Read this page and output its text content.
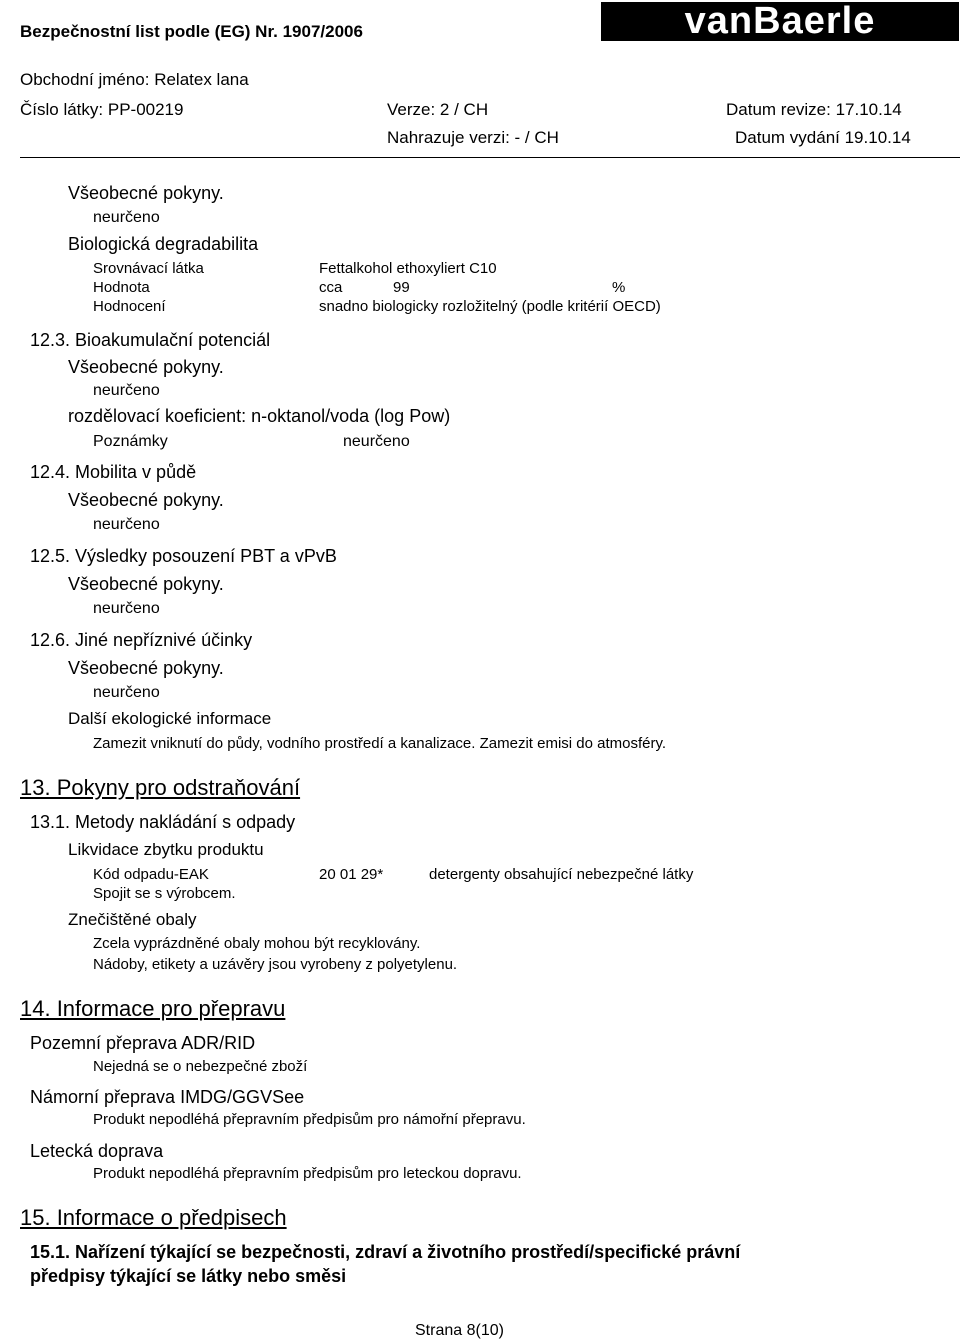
Bezpečnostní list podle (EG) Nr. 1907/2006	vanBaerle
Obchodní jméno: Relatex lana
Číslo látky: PP-00219	Verze: 2 / CH	Datum revize: 17.10.14
Nahrazuje verzi: - / CH	Datum vydání 19.10.14
Všeobecné pokyny.
neurčeno
Biologická degradabilita
Srovnávací látka	Fettalkohol ethoxyliert C10
Hodnota	cca	99	%
Hodnocení	snadno biologicky rozložitelný (podle kritérií OECD)
12.3. Bioakumulační potenciál
Všeobecné pokyny.
neurčeno
rozdělovací koeficient: n-oktanol/voda (log Pow)
Poznámky	neurčeno
12.4. Mobilita v půdě
Všeobecné pokyny.
neurčeno
12.5. Výsledky posouzení PBT a vPvB
Všeobecné pokyny.
neurčeno
12.6. Jiné nepříznivé účinky
Všeobecné pokyny.
neurčeno
Další ekologické informace
Zamezit vniknutí do půdy, vodního prostředí a kanalizace. Zamezit emisi do atmosféry.
13. Pokyny pro odstraňování
13.1. Metody nakládání s odpady
Likvidace zbytku produktu
Kód odpadu-EAK	20 01 29*	detergenty obsahující nebezpečné látky
Spojit se s výrobcem.
Znečištěné obaly
Zcela vyprázdněné obaly mohou být recyklovány.
Nádoby, etikety a uzávěry jsou vyrobeny z polyetylenu.
14. Informace pro přepravu
Pozemní přeprava ADR/RID
Nejedná se o nebezpečné zboží
Námorní přeprava IMDG/GGVSee
Produkt nepodléhá přepravním předpisům pro námořní přepravu.
Letecká doprava
Produkt nepodléhá přepravním předpisům pro leteckou dopravu.
15. Informace o předpisech
15.1. Nařízení týkající se bezpečnosti, zdraví a životního prostředí/specifické právní
předpisy týkající se látky nebo směsi
Strana 8(10)
